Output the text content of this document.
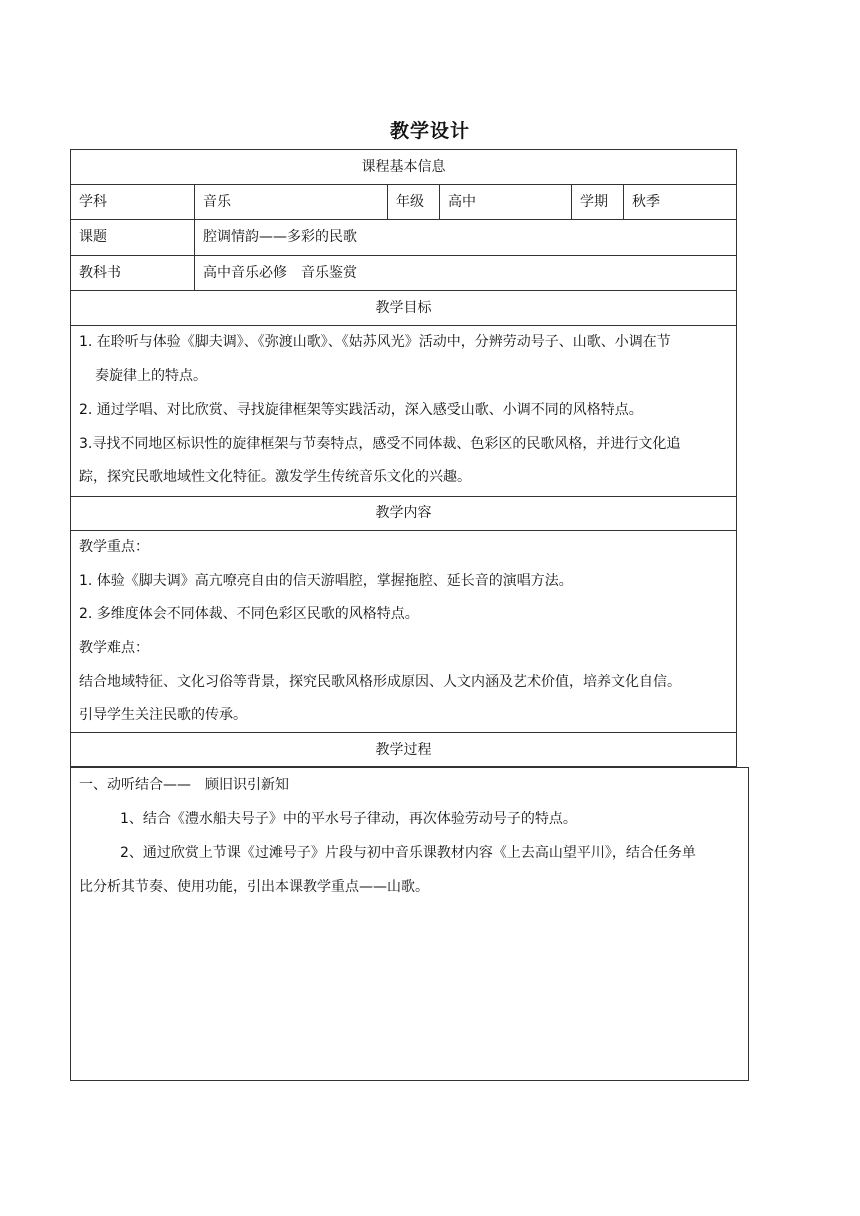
教学设计
课程基本信息
学科	音乐	年级 高中	学期 秋季
课题	腔调情韵——多彩的民歌
教科书	高中音乐必修　音乐鉴赏
教学目标
1. 在聆听与体验《脚夫调》、《弥渡山歌》、《姑苏风光》活动中，分辨劳动号子、山歌、小调在节
奏旋律上的特点。
2. 通过学唱、对比欣赏、寻找旋律框架等实践活动，深入感受山歌、小调不同的风格特点。
3.寻找不同地区标识性的旋律框架与节奏特点，感受不同体裁、色彩区的民歌风格，并进行文化追
踪，探究民歌地域性文化特征。激发学生传统音乐文化的兴趣。
教学内容
教学重点：
1. 体验《脚夫调》高亢嘹亮自由的信天游唱腔，掌握拖腔、延长音的演唱方法。
2. 多维度体会不同体裁、不同色彩区民歌的风格特点。
教学难点：
结合地域特征、文化习俗等背景，探究民歌风格形成原因、人文内涵及艺术价值，培养文化自信。
引导学生关注民歌的传承。
教学过程
一、动听结合——　顾旧识引新知
1、结合《澧水船夫号子》中的平水号子律动，再次体验劳动号子的特点。
2、通过欣赏上节课《过滩号子》片段与初中音乐课教材内容《上去高山望平川》，结合任务单
比分析其节奏、使用功能，引出本课教学重点——山歌。
